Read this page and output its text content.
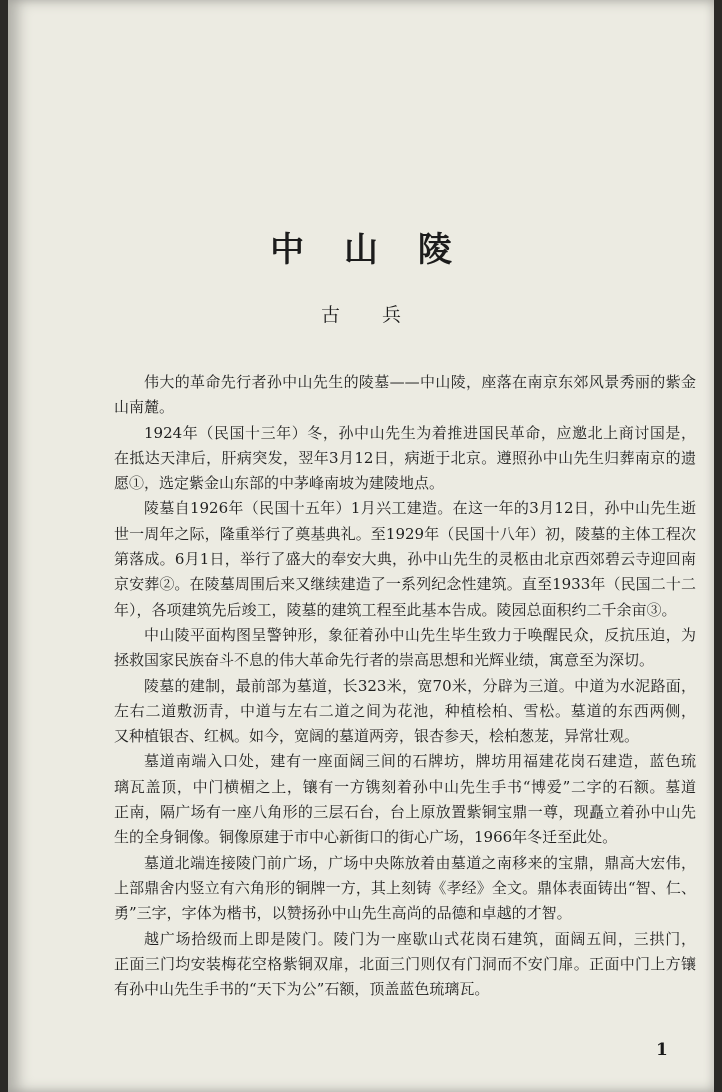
中 山 陵
古 兵
伟大的革命先行者孙中山先生的陵墓——中山陵，座落在南京东郊风景秀丽的紫金
山南麓。
1924年（民国十三年）冬，孙中山先生为着推进国民革命，应邀北上商讨国是，
在抵达天津后，肝病突发，翌年3月12日，病逝于北京。遵照孙中山先生归葬南京的遗
愿①，选定紫金山东部的中茅峰南坡为建陵地点。
陵墓自1926年（民国十五年）1月兴工建造。在这一年的3月12日，孙中山先生逝
世一周年之际，隆重举行了奠基典礼。至1929年（民国十八年）初，陵墓的主体工程次
第落成。6月1日，举行了盛大的奉安大典，孙中山先生的灵柩由北京西郊碧云寺迎回南
京安葬②。在陵墓周围后来又继续建造了一系列纪念性建筑。直至1933年（民国二十二
年），各项建筑先后竣工，陵墓的建筑工程至此基本告成。陵园总面积约二千余亩③。
中山陵平面构图呈警钟形，象征着孙中山先生毕生致力于唤醒民众，反抗压迫，为
拯救国家民族奋斗不息的伟大革命先行者的崇高思想和光辉业绩，寓意至为深切。
陵墓的建制，最前部为墓道，长323米，宽70米，分辟为三道。中道为水泥路面，
左右二道敷沥青，中道与左右二道之间为花池，种植桧柏、雪松。墓道的东西两侧，
又种植银杏、红枫。如今，宽阔的墓道两旁，银杏参天，桧柏葱茏，异常壮观。
墓道南端入口处，建有一座面阔三间的石牌坊，牌坊用福建花岗石建造，蓝色琉
璃瓦盖顶，中门横楣之上，镶有一方镌刻着孙中山先生手书“博爱”二字的石额。墓道
正南，隔广场有一座八角形的三层石台，台上原放置紫铜宝鼎一尊，现矗立着孙中山先
生的全身铜像。铜像原建于市中心新街口的街心广场，1966年冬迁至此处。
墓道北端连接陵门前广场，广场中央陈放着由墓道之南移来的宝鼎，鼎高大宏伟，
上部鼎舍内竖立有六角形的铜牌一方，其上刻铸《孝经》全文。鼎体表面铸出“智、仁、
勇”三字，字体为楷书，以赞扬孙中山先生高尚的品德和卓越的才智。
越广场拾级而上即是陵门。陵门为一座歇山式花岗石建筑，面阔五间，三拱门，
正面三门均安装梅花空格紫铜双扉，北面三门则仅有门洞而不安门扉。正面中门上方镶
有孙中山先生手书的“天下为公”石额，顶盖蓝色琉璃瓦。
1
